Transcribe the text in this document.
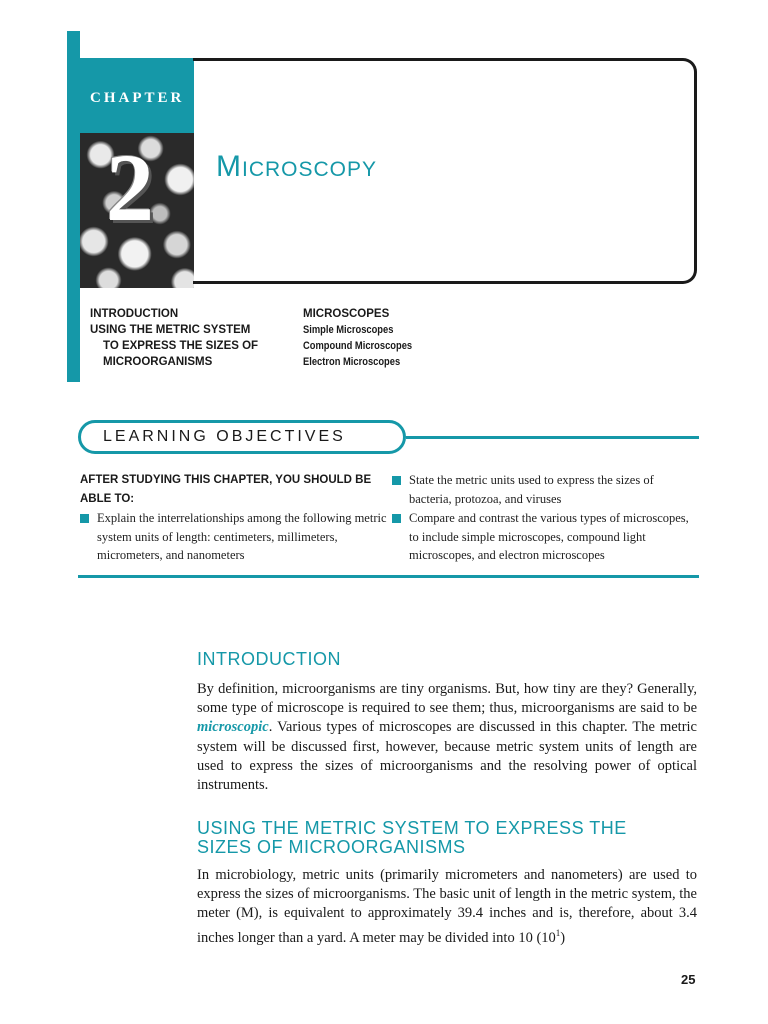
CHAPTER
2 Microscopy
INTRODUCTION
USING THE METRIC SYSTEM
TO EXPRESS THE SIZES OF
MICROORGANISMS
MICROSCOPES
Simple Microscopes
Compound Microscopes
Electron Microscopes
LEARNING OBJECTIVES
AFTER STUDYING THIS CHAPTER, YOU SHOULD BE ABLE TO:
Explain the interrelationships among the following metric system units of length: centimeters, millimeters, micrometers, and nanometers
State the metric units used to express the sizes of bacteria, protozoa, and viruses
Compare and contrast the various types of microscopes, to include simple microscopes, compound light microscopes, and electron microscopes
INTRODUCTION
By definition, microorganisms are tiny organisms. But, how tiny are they? Generally, some type of microscope is required to see them; thus, microorganisms are said to be microscopic. Various types of microscopes are discussed in this chapter. The metric system will be discussed first, however, because metric system units of length are used to express the sizes of microorganisms and the resolving power of optical instruments.
USING THE METRIC SYSTEM TO EXPRESS THE
SIZES OF MICROORGANISMS
In microbiology, metric units (primarily micrometers and nanometers) are used to express the sizes of microorganisms. The basic unit of length in the metric system, the meter (M), is equivalent to approximately 39.4 inches and is, therefore, about 3.4 inches longer than a yard. A meter may be divided into 10 $(10^1)$
25
